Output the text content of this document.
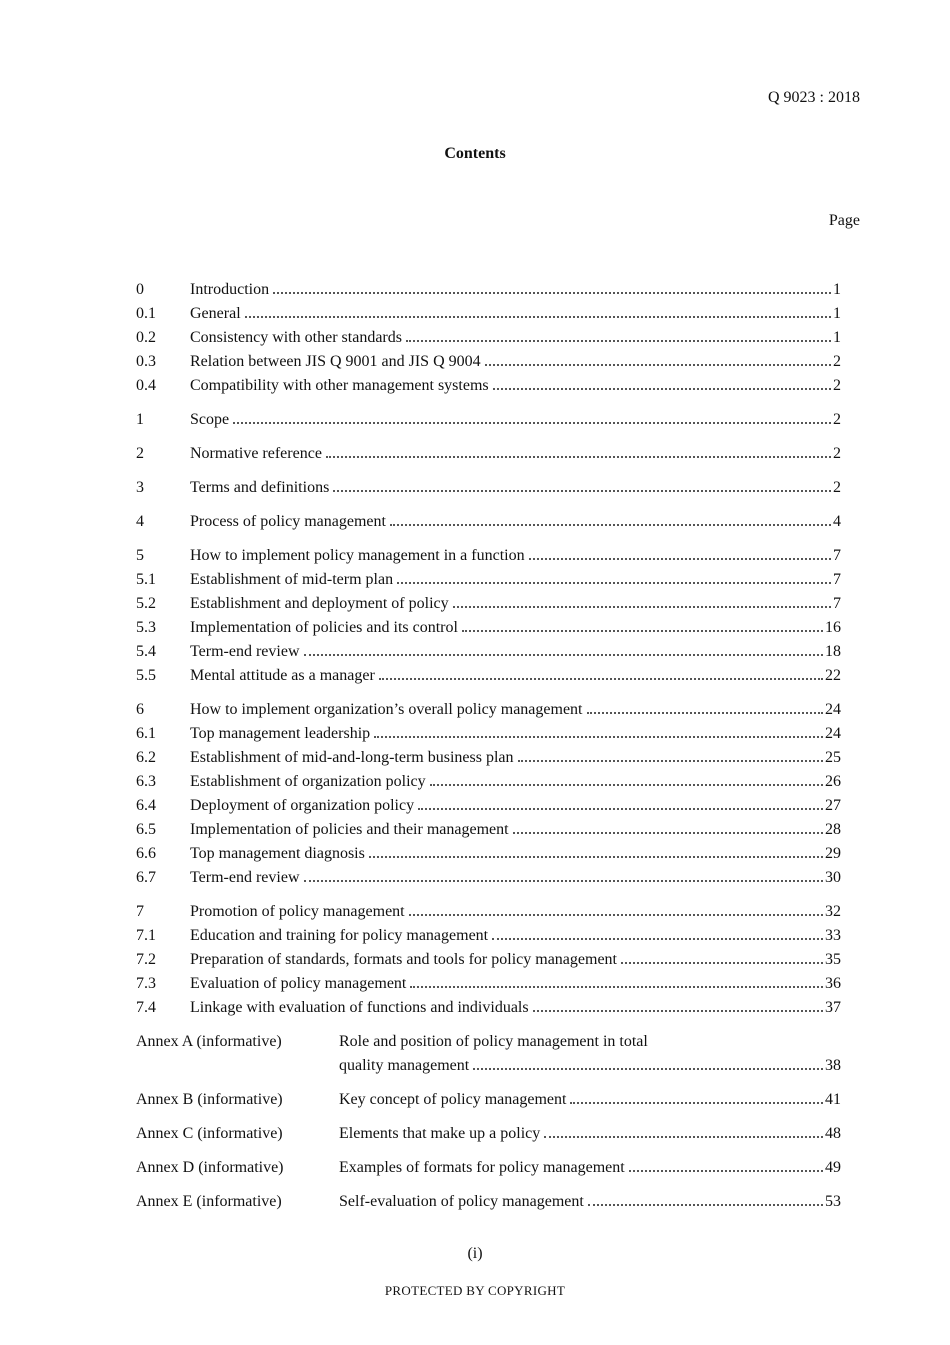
Q 9023 : 2018
Contents
Page
0	Introduction	1
0.1	General	1
0.2	Consistency with other standards	1
0.3	Relation between JIS Q 9001 and JIS Q 9004	2
0.4	Compatibility with other management systems	2
1	Scope	2
2	Normative reference	2
3	Terms and definitions	2
4	Process of policy management	4
5	How to implement policy management in a function	7
5.1	Establishment of mid-term plan	7
5.2	Establishment and deployment of policy	7
5.3	Implementation of policies and its control	16
5.4	Term-end review	18
5.5	Mental attitude as a manager	22
6	How to implement organization’s overall policy management	24
6.1	Top management leadership	24
6.2	Establishment of mid-and-long-term business plan	25
6.3	Establishment of organization policy	26
6.4	Deployment of organization policy	27
6.5	Implementation of policies and their management	28
6.6	Top management diagnosis	29
6.7	Term-end review	30
7	Promotion of policy management	32
7.1	Education and training for policy management	33
7.2	Preparation of standards, formats and tools for policy management	35
7.3	Evaluation of policy management	36
7.4	Linkage with evaluation of functions and individuals	37
Annex A (informative)	Role and position of policy management in total
quality management	38
Annex B (informative)	Key concept of policy management	41
Annex C (informative)	Elements that make up a policy	48
Annex D (informative)	Examples of formats for policy management	49
Annex E (informative)	Self-evaluation of policy management	53
(i)
PROTECTED BY COPYRIGHT
